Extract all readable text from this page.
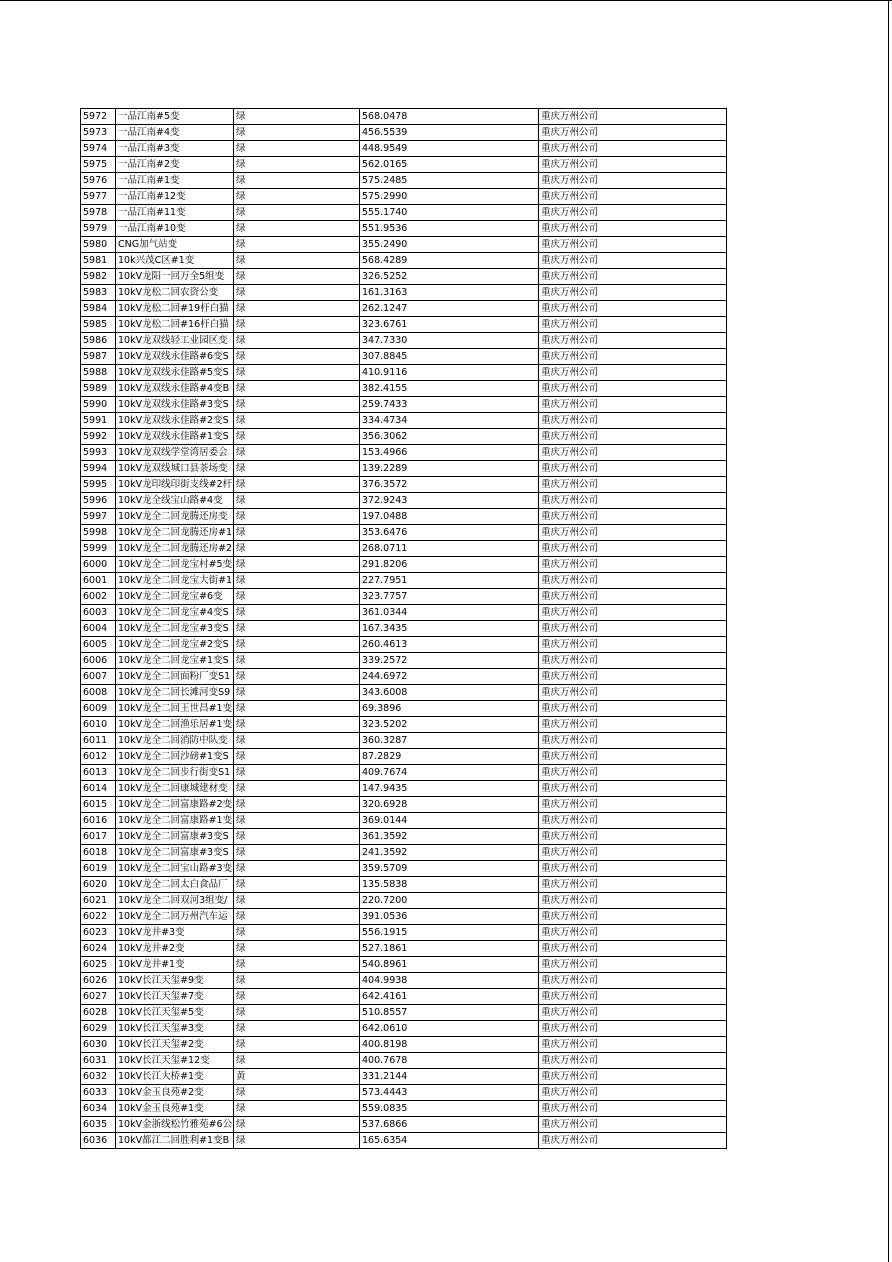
5972	一品江南#5变	绿	568.0478	重庆万州公司
5973	一品江南#4变	绿	456.5539	重庆万州公司
5974	一品江南#3变	绿	448.9549	重庆万州公司
5975	一品江南#2变	绿	562.0165	重庆万州公司
5976	一品江南#1变	绿	575.2485	重庆万州公司
5977	一品江南#12变	绿	575.2990	重庆万州公司
5978	一品江南#11变	绿	555.1740	重庆万州公司
5979	一品江南#10变	绿	551.9536	重庆万州公司
5980	CNG加气站变	绿	355.2490	重庆万州公司
5981	10k兴茂C区#1变	绿	568.4289	重庆万州公司
5982	10kV龙阳一回万全5组变	绿	326.5252	重庆万州公司
5983	10kV龙松二回农资公变	绿	161.3163	重庆万州公司
5984	10kV龙松二回#19杆白猫	绿	262.1247	重庆万州公司
5985	10kV龙松二回#16杆白猫	绿	323.6761	重庆万州公司
5986	10kV龙双线轻工业园区变	绿	347.7330	重庆万州公司
5987	10kV龙双线永佳路#6变S	绿	307.8845	重庆万州公司
5988	10kV龙双线永佳路#5变S	绿	410.9116	重庆万州公司
5989	10kV龙双线永佳路#4变B	绿	382.4155	重庆万州公司
5990	10kV龙双线永佳路#3变S	绿	259.7433	重庆万州公司
5991	10kV龙双线永佳路#2变S	绿	334.4734	重庆万州公司
5992	10kV龙双线永佳路#1变S	绿	356.3062	重庆万州公司
5993	10kV龙双线学堂湾居委会	绿	153.4966	重庆万州公司
5994	10kV龙双线城口县茶场变	绿	139.2289	重庆万州公司
5995	10kV龙印线印街支线#2杆	绿	376.3572	重庆万州公司
5996	10kV龙全线宝山路#4变	绿	372.9243	重庆万州公司
5997	10kV龙全二回龙腾还房变	绿	197.0488	重庆万州公司
5998	10kV龙全二回龙腾还房#1	绿	353.6476	重庆万州公司
5999	10kV龙全二回龙腾还房#2	绿	268.0711	重庆万州公司
6000	10kV龙全二回龙宝村#5变	绿	291.8206	重庆万州公司
6001	10kV龙全二回龙宝大街#1	绿	227.7951	重庆万州公司
6002	10kV龙全二回龙宝#6变	绿	323.7757	重庆万州公司
6003	10kV龙全二回龙宝#4变S	绿	361.0344	重庆万州公司
6004	10kV龙全二回龙宝#3变S	绿	167.3435	重庆万州公司
6005	10kV龙全二回龙宝#2变S	绿	260.4613	重庆万州公司
6006	10kV龙全二回龙宝#1变S	绿	339.2572	重庆万州公司
6007	10kV龙全二回面粉厂变S1	绿	244.6972	重庆万州公司
6008	10kV龙全二回长滩河变S9	绿	343.6008	重庆万州公司
6009	10kV龙全二回王世昌#1变	绿	69.3896	重庆万州公司
6010	10kV龙全二回渔乐居#1变	绿	323.5202	重庆万州公司
6011	10kV龙全二回消防中队变	绿	360.3287	重庆万州公司
6012	10kV龙全二回沙磅#1变S	绿	87.2829	重庆万州公司
6013	10kV龙全二回步行街变S1	绿	409.7674	重庆万州公司
6014	10kV龙全二回康城建材变	绿	147.9435	重庆万州公司
6015	10kV龙全二回富康路#2变	绿	320.6928	重庆万州公司
6016	10kV龙全二回富康路#1变	绿	369.0144	重庆万州公司
6017	10kV龙全二回富康#3变S	绿	361.3592	重庆万州公司
6018	10kV龙全二回富康#3变S	绿	241.3592	重庆万州公司
6019	10kV龙全二回宝山路#3变	绿	359.5709	重庆万州公司
6020	10kV龙全二回太白食品厂	绿	135.5838	重庆万州公司
6021	10kV龙全二回双河3组变/	绿	220.7200	重庆万州公司
6022	10kV龙全二回万州汽车运	绿	391.0536	重庆万州公司
6023	10kV龙井#3变	绿	556.1915	重庆万州公司
6024	10kV龙井#2变	绿	527.1861	重庆万州公司
6025	10kV龙井#1变	绿	540.8961	重庆万州公司
6026	10kV长江天玺#9变	绿	404.9938	重庆万州公司
6027	10kV长江天玺#7变	绿	642.4161	重庆万州公司
6028	10kV长江天玺#5变	绿	510.8557	重庆万州公司
6029	10kV长江天玺#3变	绿	642.0610	重庆万州公司
6030	10kV长江天玺#2变	绿	400.8198	重庆万州公司
6031	10kV长江天玺#12变	绿	400.7678	重庆万州公司
6032	10kV长江大桥#1变	黄	331.2144	重庆万州公司
6033	10kV金玉良苑#2变	绿	573.4443	重庆万州公司
6034	10kV金玉良苑#1变	绿	559.0835	重庆万州公司
6035	10kV金浙线松竹雅苑#6公	绿	537.6866	重庆万州公司
6036	10kV都江二回胜利#1变B	绿	165.6354	重庆万州公司
